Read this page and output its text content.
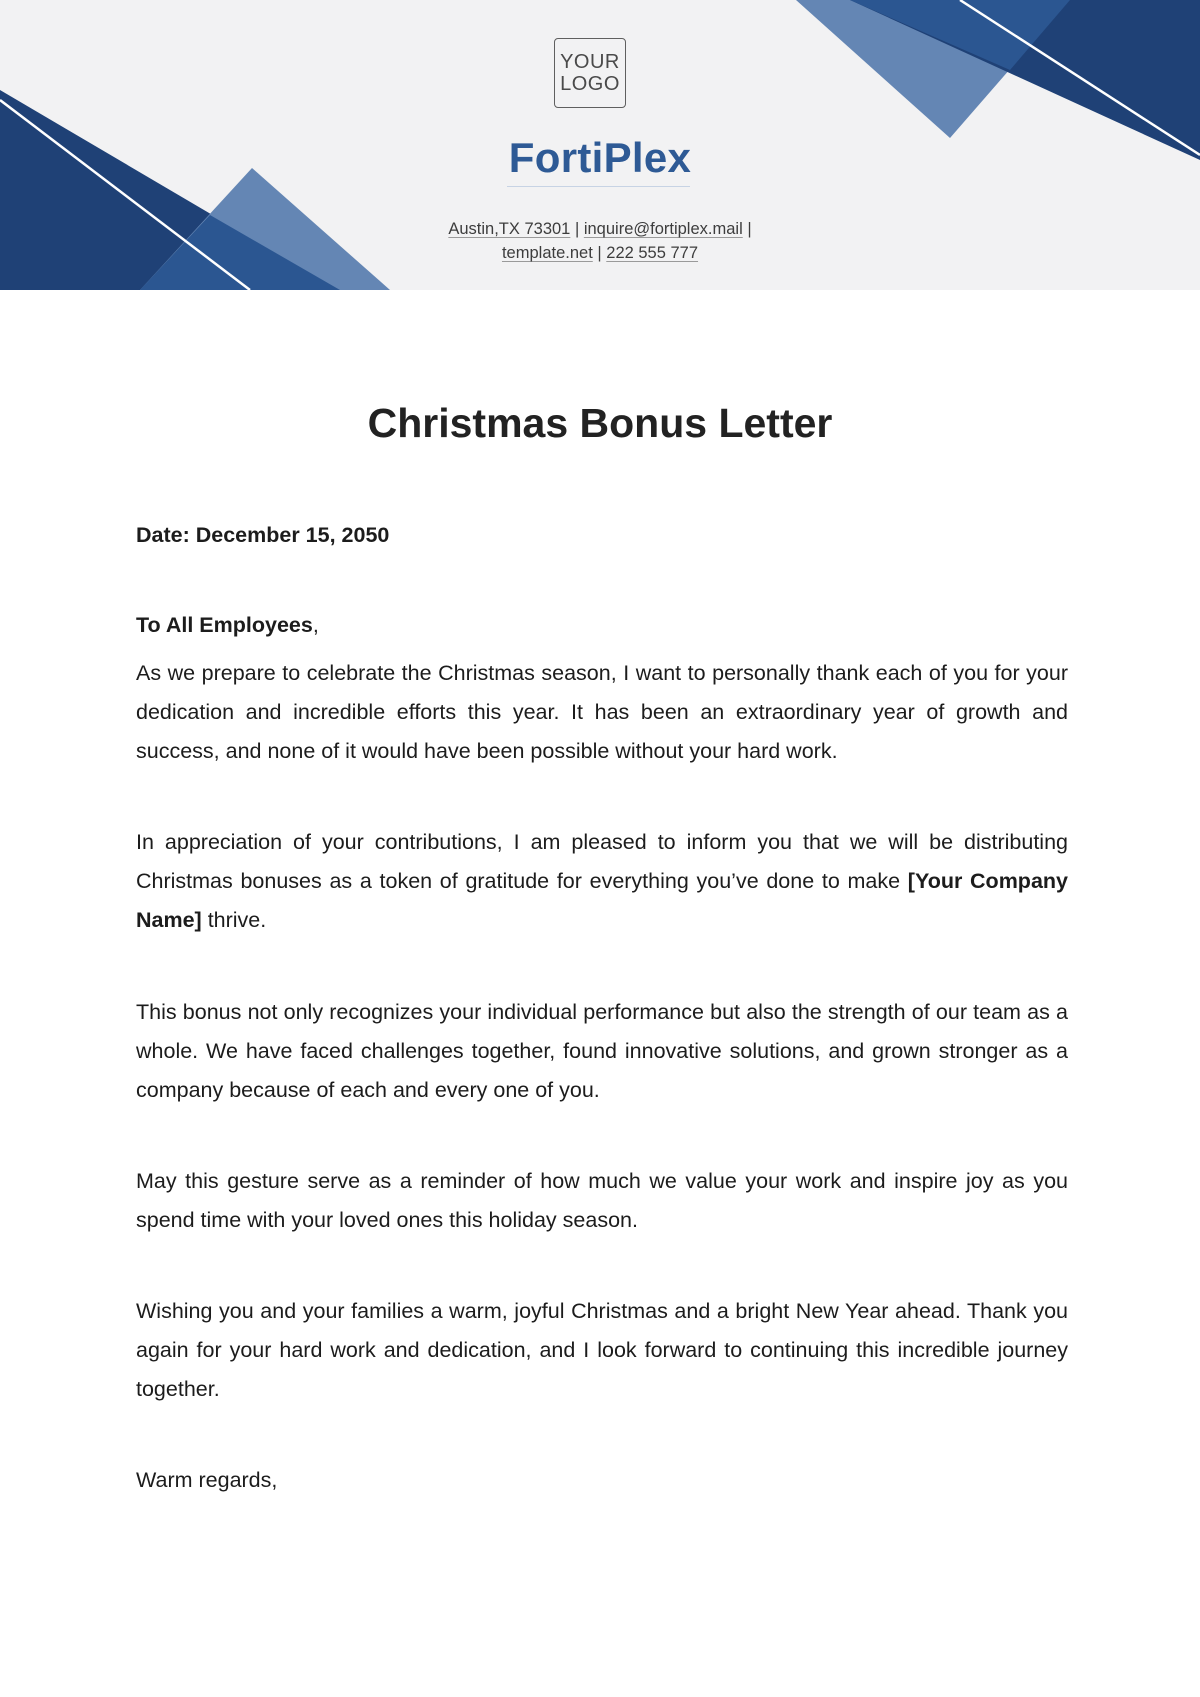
YOUR
LOGO
FortiPlex
Austin,TX 73301 | inquire@fortiplex.mail |
template.net | 222 555 777
Christmas Bonus Letter
Date: December 15, 2050
To All Employees,

As we prepare to celebrate the Christmas season, I want to personally thank each of you for your dedication and incredible efforts this year. It has been an extraordinary year of growth and success, and none of it would have been possible without your hard work.

In appreciation of your contributions, I am pleased to inform you that we will be distributing Christmas bonuses as a token of gratitude for everything you’ve done to make [Your Company Name] thrive.

This bonus not only recognizes your individual performance but also the strength of our team as a whole. We have faced challenges together, found innovative solutions, and grown stronger as a company because of each and every one of you.

May this gesture serve as a reminder of how much we value your work and inspire joy as you spend time with your loved ones this holiday season.

Wishing you and your families a warm, joyful Christmas and a bright New Year ahead. Thank you again for your hard work and dedication, and I look forward to continuing this incredible journey together.

Warm regards,
